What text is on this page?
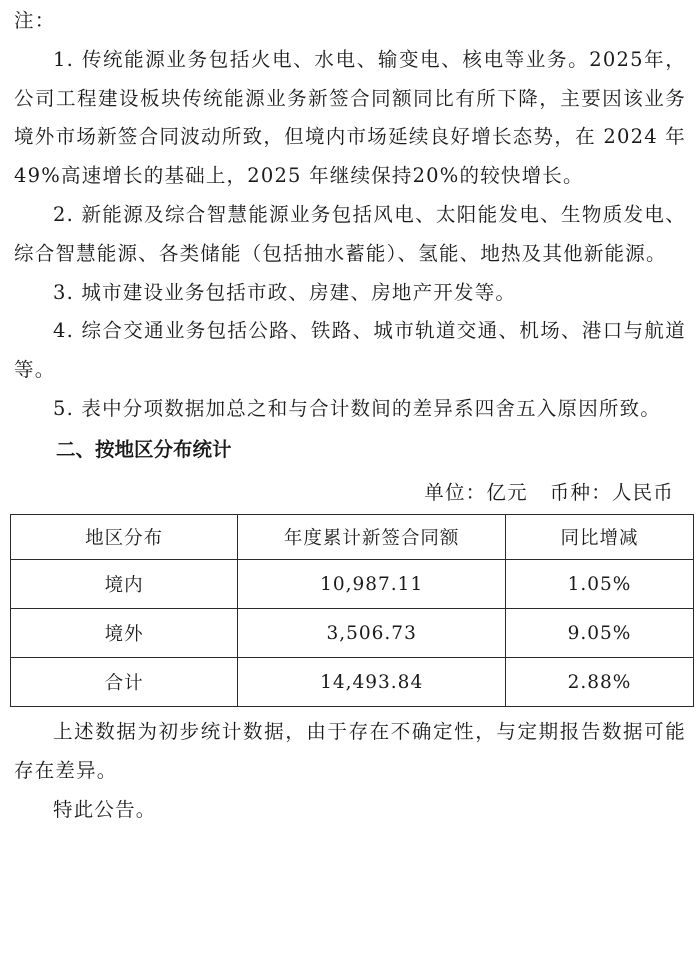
注：

1. 传统能源业务包括火电、水电、输变电、核电等业务。2025年，公司工程建设板块传统能源业务新签合同额同比有所下降，主要因该业务境外市场新签合同波动所致，但境内市场延续良好增长态势，在 2024 年 49%高速增长的基础上，2025 年继续保持20%的较快增长。

2. 新能源及综合智慧能源业务包括风电、太阳能发电、生物质发电、综合智慧能源、各类储能（包括抽水蓄能）、氢能、地热及其他新能源。

3. 城市建设业务包括市政、房建、房地产开发等。

4. 综合交通业务包括公路、铁路、城市轨道交通、机场、港口与航道等。

5. 表中分项数据加总之和与合计数间的差异系四舍五入原因所致。

二、按地区分布统计

单位：亿元 币种：人民币

地区分布	年度累计新签合同额	同比增减
境内	10,987.11	1.05%
境外	3,506.73	9.05%
合计	14,493.84	2.88%

上述数据为初步统计数据，由于存在不确定性，与定期报告数据可能存在差异。

特此公告。
